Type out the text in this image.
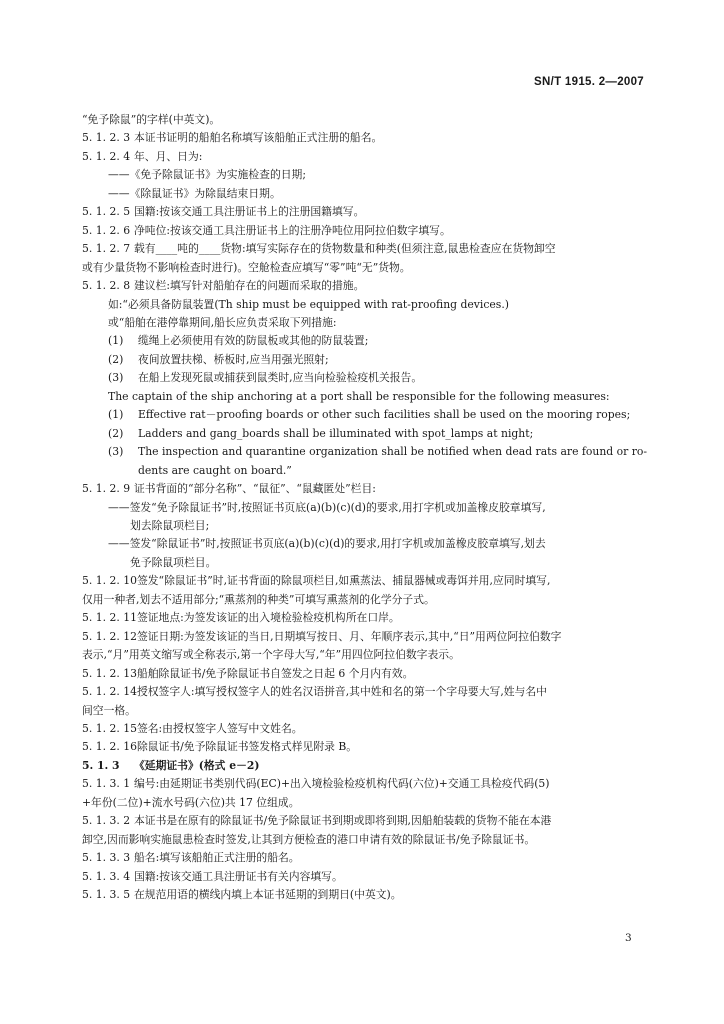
SN/T 1915. 2—2007
“免予除鼠”的字样(中英文)。
5. 1. 2. 3 本证书证明的船舶名称填写该船舶正式注册的船名。
5. 1. 2. 4 年、月、日为:
——《免予除鼠证书》为实施检查的日期;
——《除鼠证书》为除鼠结束日期。
5. 1. 2. 5 国籍:按该交通工具注册证书上的注册国籍填写。
5. 1. 2. 6 净吨位:按该交通工具注册证书上的注册净吨位用阿拉伯数字填写。
5. 1. 2. 7 载有____吨的____货物:填写实际存在的货物数量和种类(但须注意,鼠患检查应在货物卸空
或有少量货物不影响检查时进行)。空舱检查应填写“零”吨“无”货物。
5. 1. 2. 8 建议栏:填写针对船舶存在的问题而采取的措施。
如:“必须具备防鼠装置(Th ship must be equipped with rat-proofing devices.)
或“船舶在港停靠期间,船长应负责采取下列措施:
(1) 缆绳上必须使用有效的防鼠板或其他的防鼠装置;
(2) 夜间放置扶梯、桥板时,应当用强光照射;
(3) 在船上发现死鼠或捕获到鼠类时,应当向检验检疫机关报告。
The captain of the ship anchoring at a port shall be responsible for the following measures:
(1) Effective rat－proofing boards or other such facilities shall be used on the mooring ropes;
(2) Ladders and gang_boards shall be illuminated with spot_lamps at night;
(3) The inspection and quarantine organization shall be notified when dead rats are found or ro-
dents are caught on board.”
5. 1. 2. 9 证书背面的“部分名称”、“鼠征”、“鼠藏匿处”栏目:
——签发“免予除鼠证书”时,按照证书页底(a)(b)(c)(d)的要求,用打字机或加盖橡皮胶章填写,
划去除鼠项栏目;
——签发“除鼠证书”时,按照证书页底(a)(b)(c)(d)的要求,用打字机或加盖橡皮胶章填写,划去
免予除鼠项栏目。
5. 1. 2. 10签发“除鼠证书”时,证书背面的除鼠项栏目,如熏蒸法、捕鼠器械或毒饵并用,应同时填写,
仅用一种者,划去不适用部分;“熏蒸剂的种类”可填写熏蒸剂的化学分子式。
5. 1. 2. 11签证地点:为签发该证的出入境检验检疫机构所在口岸。
5. 1. 2. 12签证日期:为签发该证的当日,日期填写按日、月、年顺序表示,其中,“日”用两位阿拉伯数字
表示,“月”用英文缩写或全称表示,第一个字母大写,“年”用四位阿拉伯数字表示。
5. 1. 2. 13船舶除鼠证书/免予除鼠证书自签发之日起 6 个月内有效。
5. 1. 2. 14授权签字人:填写授权签字人的姓名汉语拼音,其中姓和名的第一个字母要大写,姓与名中
间空一格。
5. 1. 2. 15签名:由授权签字人签写中文姓名。
5. 1. 2. 16除鼠证书/免予除鼠证书签发格式样见附录 B。
5. 1. 3 《延期证书》(格式 e－2)
5. 1. 3. 1 编号:由延期证书类别代码(EC)+出入境检验检疫机构代码(六位)+交通工具检疫代码(5)
+年份(二位)+流水号码(六位)共 17 位组成。
5. 1. 3. 2 本证书是在原有的除鼠证书/免予除鼠证书到期或即将到期,因船舶装载的货物不能在本港
卸空,因而影响实施鼠患检查时签发,让其到方便检查的港口申请有效的除鼠证书/免予除鼠证书。
5. 1. 3. 3 船名:填写该船舶正式注册的船名。
5. 1. 3. 4 国籍:按该交通工具注册证书有关内容填写。
5. 1. 3. 5 在规范用语的横线内填上本证书延期的到期日(中英文)。
3
